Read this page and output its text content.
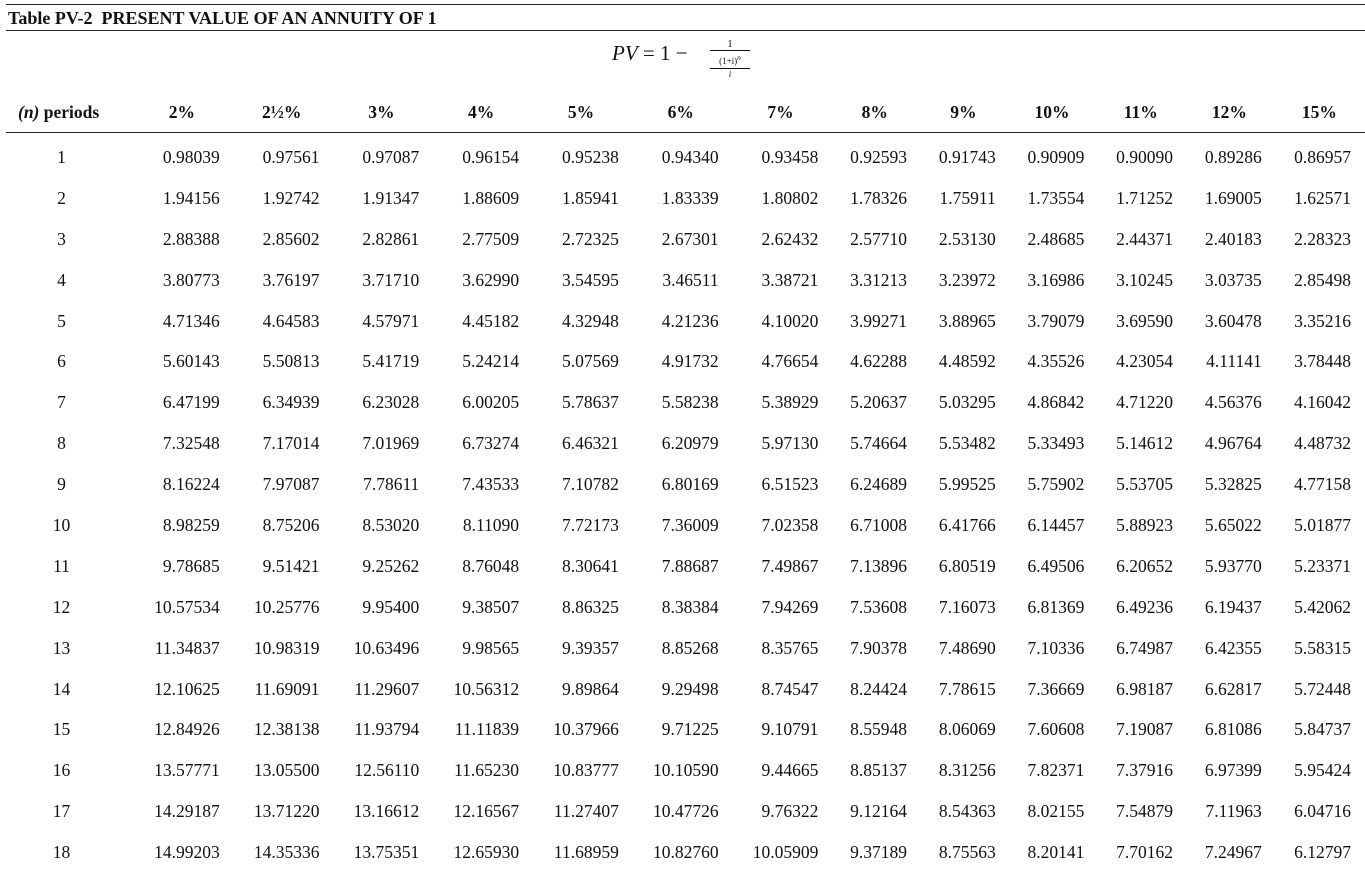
Table PV-2  PRESENT VALUE OF AN ANNUITY OF 1
PV = 1 −	1
$(1+i)^n$
i
(n) periods	2%	2½%	3%	4%	5%	6%	7%	8%	9%	10%	11%	12%	15%
1	0.98039	0.97561	0.97087	0.96154	0.95238	0.94340	0.93458	0.92593	0.91743	0.90909	0.90090	0.89286	0.86957
2	1.94156	1.92742	1.91347	1.88609	1.85941	1.83339	1.80802	1.78326	1.75911	1.73554	1.71252	1.69005	1.62571
3	2.88388	2.85602	2.82861	2.77509	2.72325	2.67301	2.62432	2.57710	2.53130	2.48685	2.44371	2.40183	2.28323
4	3.80773	3.76197	3.71710	3.62990	3.54595	3.46511	3.38721	3.31213	3.23972	3.16986	3.10245	3.03735	2.85498
5	4.71346	4.64583	4.57971	4.45182	4.32948	4.21236	4.10020	3.99271	3.88965	3.79079	3.69590	3.60478	3.35216
6	5.60143	5.50813	5.41719	5.24214	5.07569	4.91732	4.76654	4.62288	4.48592	4.35526	4.23054	4.11141	3.78448
7	6.47199	6.34939	6.23028	6.00205	5.78637	5.58238	5.38929	5.20637	5.03295	4.86842	4.71220	4.56376	4.16042
8	7.32548	7.17014	7.01969	6.73274	6.46321	6.20979	5.97130	5.74664	5.53482	5.33493	5.14612	4.96764	4.48732
9	8.16224	7.97087	7.78611	7.43533	7.10782	6.80169	6.51523	6.24689	5.99525	5.75902	5.53705	5.32825	4.77158
10	8.98259	8.75206	8.53020	8.11090	7.72173	7.36009	7.02358	6.71008	6.41766	6.14457	5.88923	5.65022	5.01877
11	9.78685	9.51421	9.25262	8.76048	8.30641	7.88687	7.49867	7.13896	6.80519	6.49506	6.20652	5.93770	5.23371
12	10.57534	10.25776	9.95400	9.38507	8.86325	8.38384	7.94269	7.53608	7.16073	6.81369	6.49236	6.19437	5.42062
13	11.34837	10.98319	10.63496	9.98565	9.39357	8.85268	8.35765	7.90378	7.48690	7.10336	6.74987	6.42355	5.58315
14	12.10625	11.69091	11.29607	10.56312	9.89864	9.29498	8.74547	8.24424	7.78615	7.36669	6.98187	6.62817	5.72448
15	12.84926	12.38138	11.93794	11.11839	10.37966	9.71225	9.10791	8.55948	8.06069	7.60608	7.19087	6.81086	5.84737
16	13.57771	13.05500	12.56110	11.65230	10.83777	10.10590	9.44665	8.85137	8.31256	7.82371	7.37916	6.97399	5.95424
17	14.29187	13.71220	13.16612	12.16567	11.27407	10.47726	9.76322	9.12164	8.54363	8.02155	7.54879	7.11963	6.04716
18	14.99203	14.35336	13.75351	12.65930	11.68959	10.82760	10.05909	9.37189	8.75563	8.20141	7.70162	7.24967	6.12797
